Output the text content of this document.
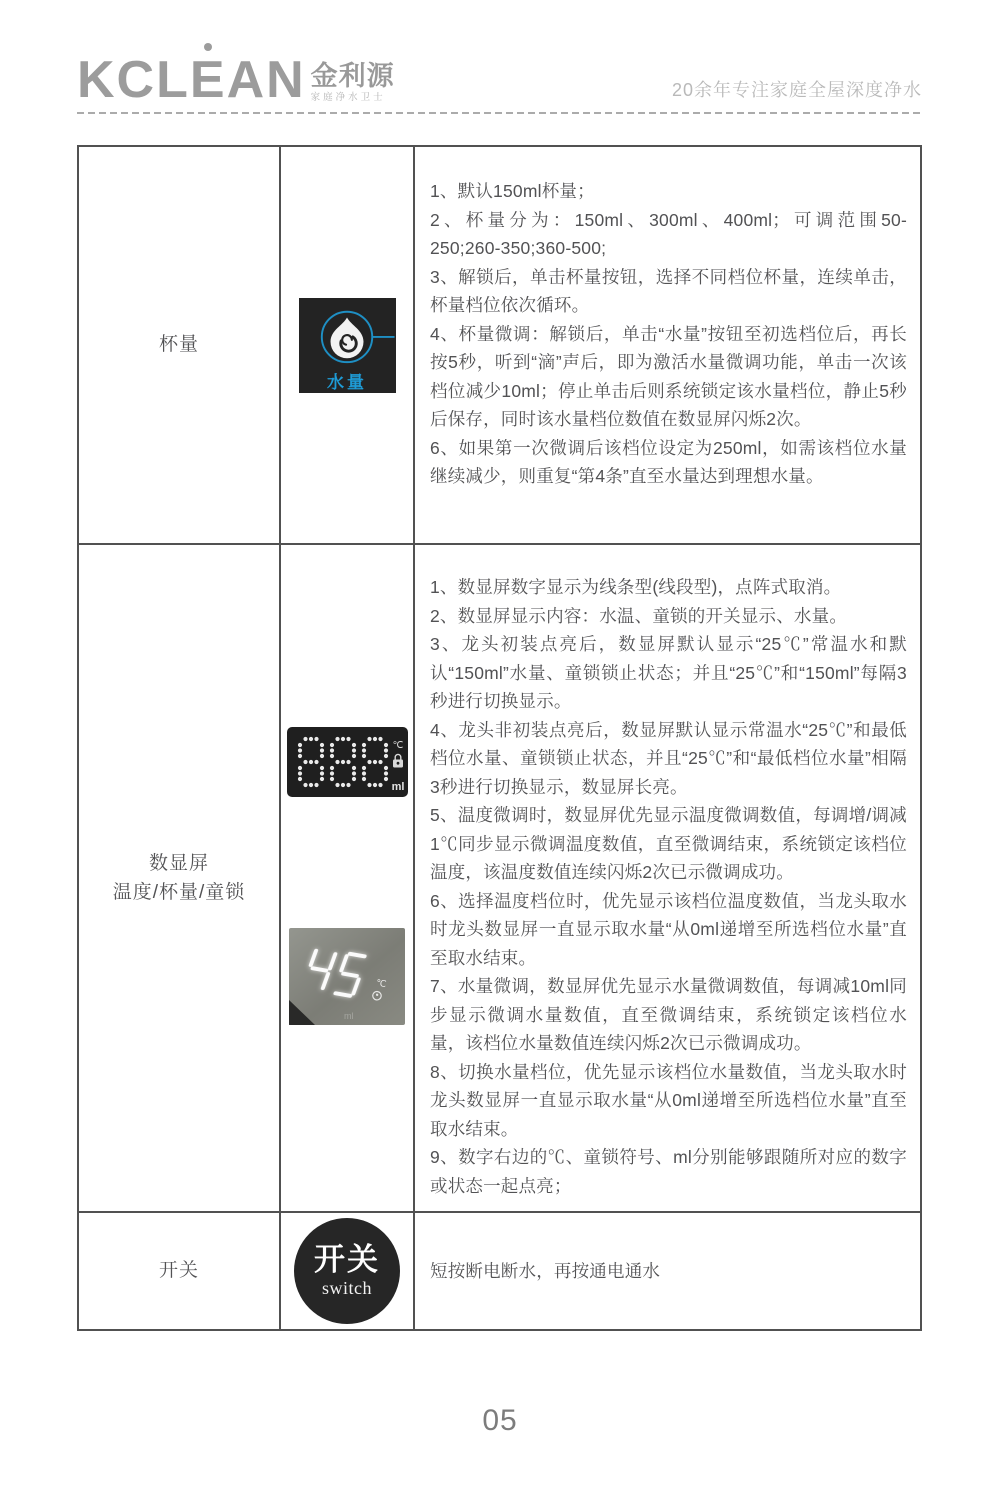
KCLEAN 金利源
家庭净水卫士	20余年专注家庭全屋深度净水
杯量
水量

1、默认150ml杯量；

2、杯量分为：150ml、300ml、400ml；可调范围50-250;260-350;360-500;

3、解锁后，单击杯量按钮，选择不同档位杯量，连续单击，杯量档位依次循环。

4、杯量微调：解锁后，单击“水量”按钮至初选档位后，再长按5秒，听到“滴”声后，即为激活水量微调功能，单击一次该档位减少10ml；停止单击后则系统锁定该水量档位，静止5秒后保存，同时该水量档位数值在数显屏闪烁2次。

6、如果第一次微调后该档位设定为250ml，如需该档位水量继续减少，则重复“第4条”直至水量达到理想水量。

数显屏
温度/杯量/童锁
℃
ml
℃
ml

1、数显屏数字显示为线条型(线段型)，点阵式取消。

2、数显屏显示内容：水温、童锁的开关显示、水量。

3、龙头初装点亮后，数显屏默认显示“25℃”常温水和默认“150ml”水量、童锁锁止状态；并且“25℃”和“150ml”每隔3秒进行切换显示。

4、龙头非初装点亮后，数显屏默认显示常温水“25℃”和最低档位水量、童锁锁止状态，并且“25℃”和“最低档位水量”相隔3秒进行切换显示，数显屏长亮。

5、温度微调时，数显屏优先显示温度微调数值，每调增/调减1℃同步显示微调温度数值，直至微调结束，系统锁定该档位温度，该温度数值连续闪烁2次已示微调成功。

6、选择温度档位时，优先显示该档位温度数值，当龙头取水时龙头数显屏一直显示取水量“从0ml递增至所选档位水量”直至取水结束。

7、水量微调，数显屏优先显示水量微调数值，每调减10ml同步显示微调水量数值，直至微调结束，系统锁定该档位水量，该档位水量数值连续闪烁2次已示微调成功。

8、切换水量档位，优先显示该档位水量数值，当龙头取水时龙头数显屏一直显示取水量“从0ml递增至所选档位水量”直至取水结束。

9、数字右边的℃、童锁符号、ml分别能够跟随所对应的数字或状态一起点亮；

开关	开关
switch

短按断电断水，再按通电通水

05
